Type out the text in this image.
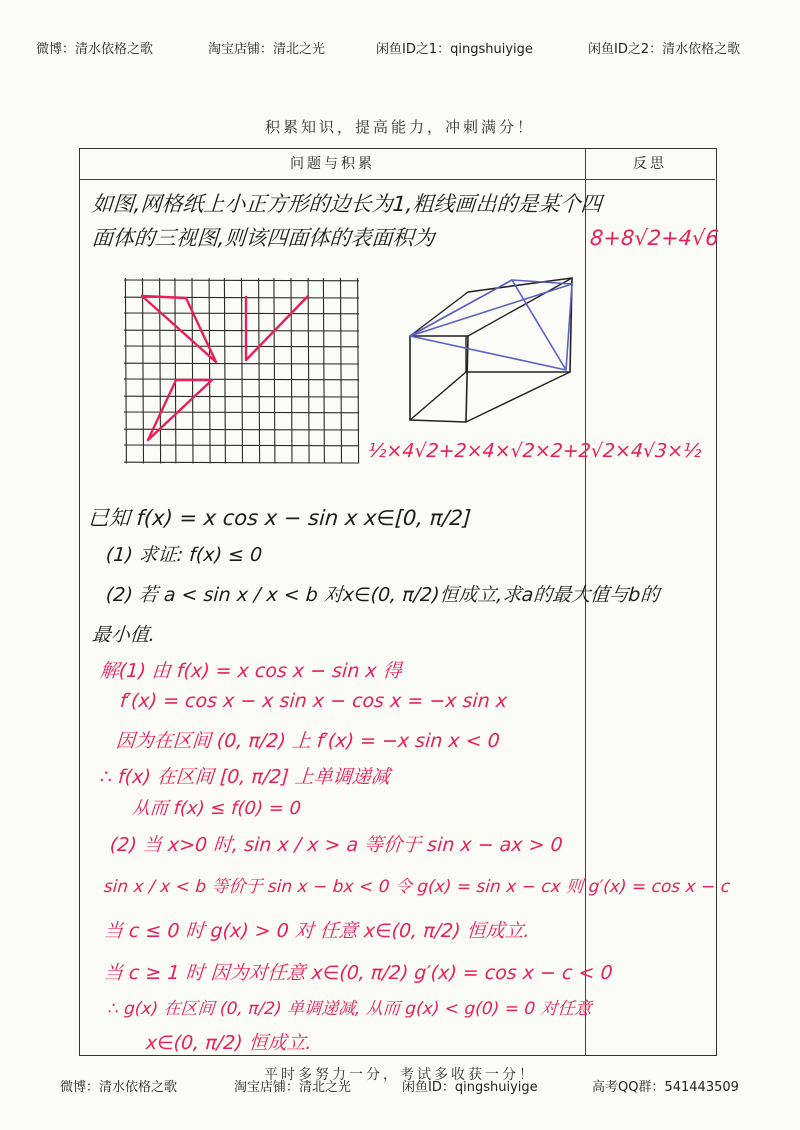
微博：清水依格之歌	淘宝店铺：清北之光	闲鱼ID之1：qingshuiyige	闲鱼ID之2：清水依格之歌
积累知识，提高能力，冲刺满分！
问题与积累	反思
如图,网格纸上小正方形的边长为1,粗线画出的是某个四
面体的三视图,则该四面体的表面积为	8+8√2+4√6
½×4√2+2×4×√2×2+2√2×4√3×½
已知 f(x) = x cos x − sin x x∈[0, π/2]
(1) 求证: f(x) ≤ 0
(2) 若 a < sin x / x < b 对x∈(0, π/2)恒成立,求a的最大值与b的
最小值.
解(1) 由 f(x) = x cos x − sin x 得
f′(x) = cos x − x sin x − cos x = −x sin x
因为在区间 (0, π/2) 上 f′(x) = −x sin x < 0
∴ f(x) 在区间 [0, π/2] 上单调递减
从而 f(x) ≤ f(0) = 0
(2) 当 x>0 时, sin x / x > a 等价于 sin x − ax > 0
sin x / x < b 等价于 sin x − bx < 0 令 g(x) = sin x − cx 则 g′(x) = cos x − c
当 c ≤ 0 时 g(x) > 0 对 任意 x∈(0, π/2) 恒成立.
当 c ≥ 1 时 因为对任意 x∈(0, π/2) g′(x) = cos x − c < 0
∴ g(x) 在区间 (0, π/2) 单调递减, 从而 g(x) < g(0) = 0 对任意
x∈(0, π/2) 恒成立.
平时多努力一分，考试多收获一分！
微博：清水依格之歌	淘宝店铺：清北之光	闲鱼ID：qingshuiyige	高考QQ群：541443509
